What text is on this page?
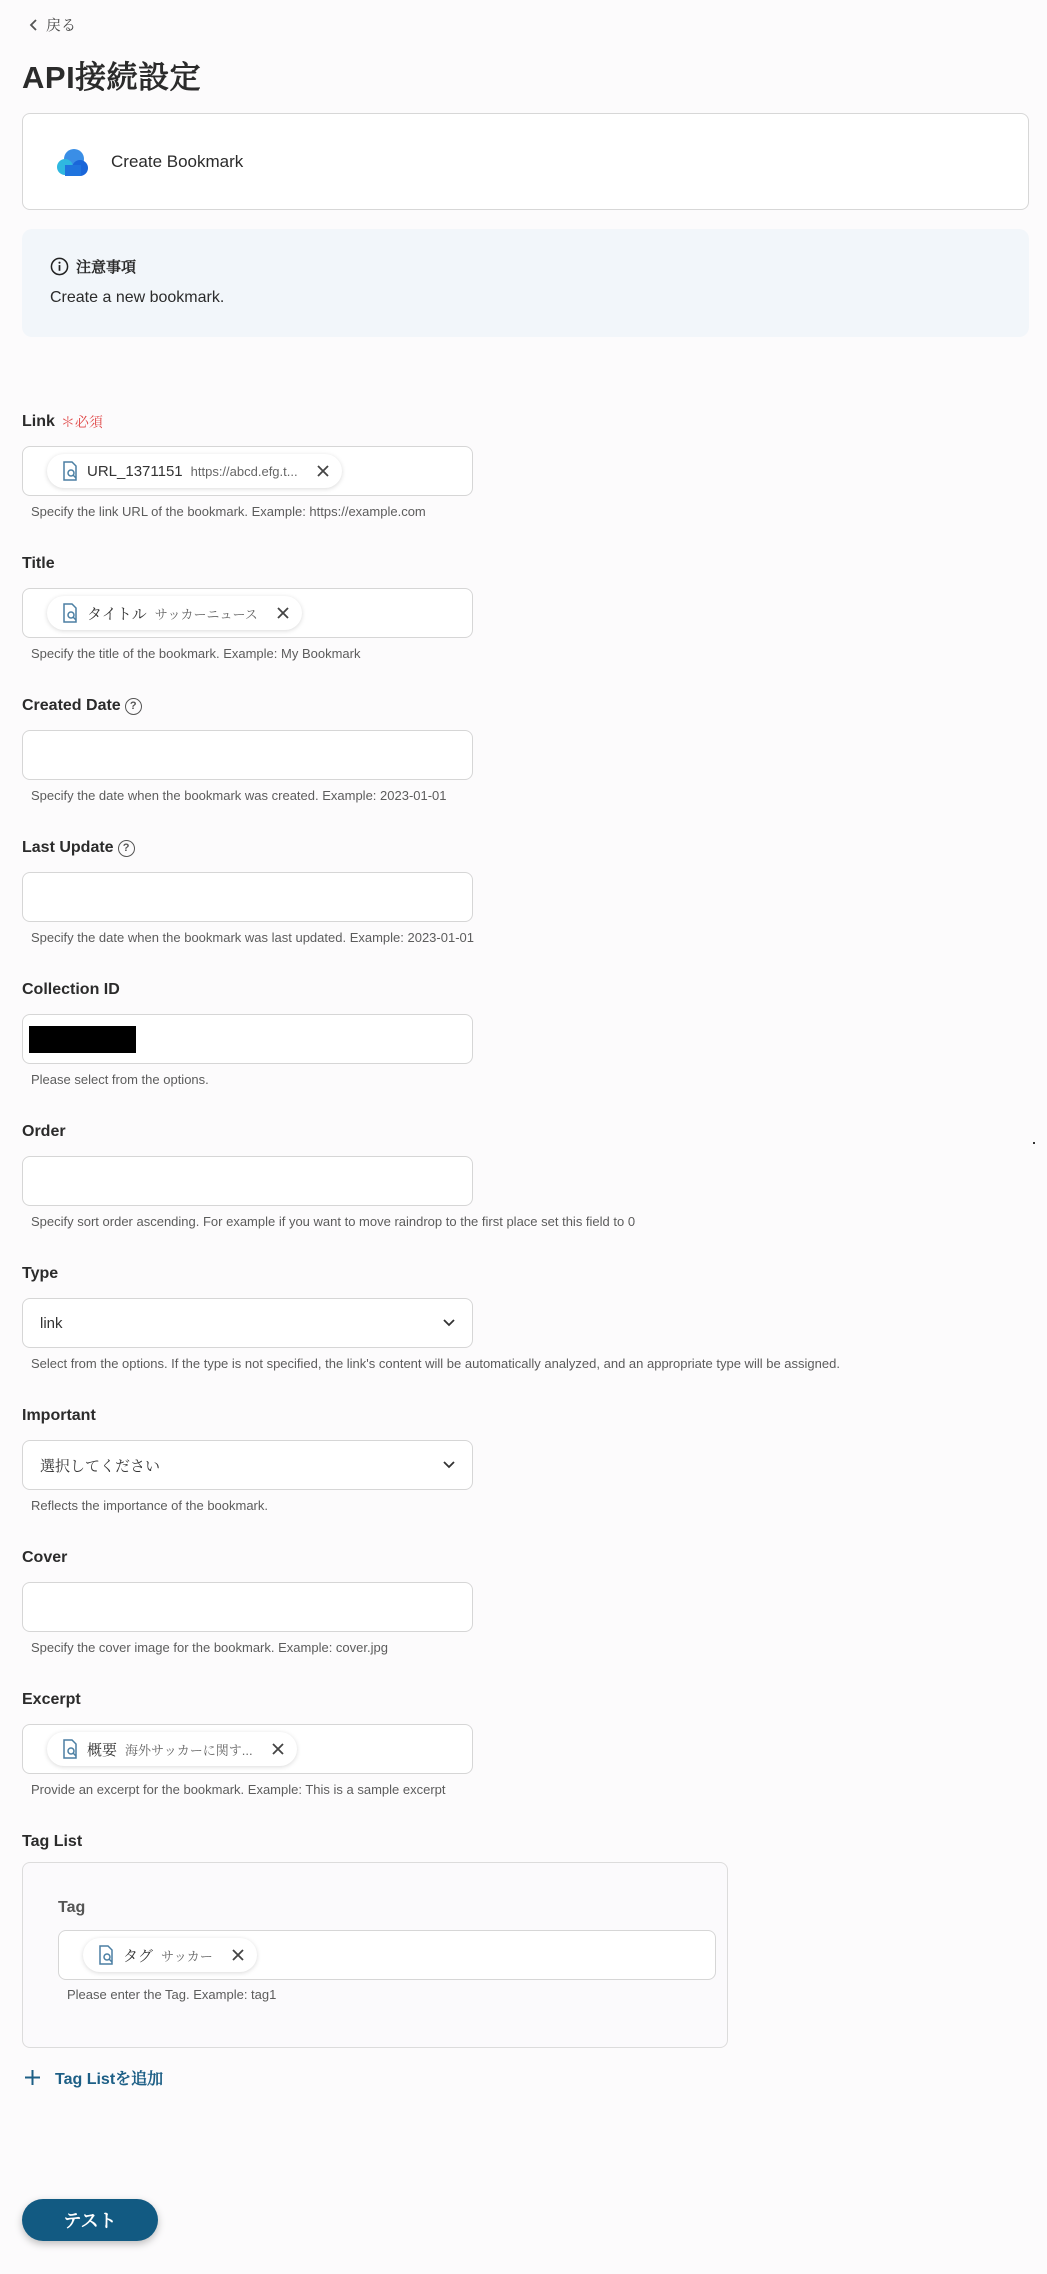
戻る
API接続設定
Create Bookmark
注意事項
Create a new bookmark.
Link ＊必須
URL_1371151 https://abcd.efg.t...
Specify the link URL of the bookmark. Example: https://example.com
Title
タイトル サッカーニュース
Specify the title of the bookmark. Example: My Bookmark
Created Date ?
Specify the date when the bookmark was created. Example: 2023-01-01
Last Update ?
Specify the date when the bookmark was last updated. Example: 2023-01-01
Collection ID
Please select from the options.
Order
Specify sort order ascending. For example if you want to move raindrop to the first place set this field to 0
Type
link
Select from the options. If the type is not specified, the link's content will be automatically analyzed, and an appropriate type will be assigned.
Important
選択してください
Reflects the importance of the bookmark.
Cover
Specify the cover image for the bookmark. Example: cover.jpg
Excerpt
概要 海外サッカーに関す...
Provide an excerpt for the bookmark. Example: This is a sample excerpt
Tag List
Tag
タグ サッカー
Please enter the Tag. Example: tag1
Tag Listを追加
テスト
